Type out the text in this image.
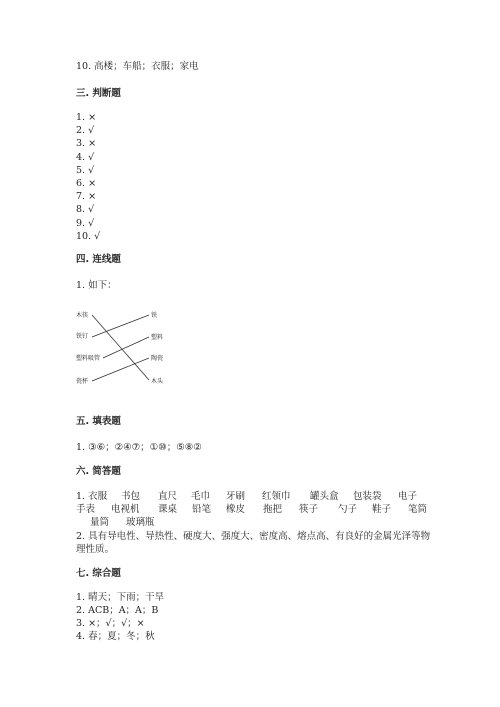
10. 高楼；车船；衣服；家电
三. 判断题
1. ×
2. √
3. ×
4. √
5. √
6. ×
7. ×
8. √
9. √
10. √
四. 连线题
1. 如下：
木筷
铁钉
塑料吸管
瓷杯
铁
塑料
陶瓷
木头
五. 填表题
1. ③⑥；②④⑦；①⑩；⑤⑧②
六. 简答题
1. 衣服 书包 直尺 毛巾 牙刷 红领巾 罐头盒 包装袋 电子
手表 电视机 课桌 铅笔 橡皮 拖把 筷子 勺子 鞋子 笔筒
量筒 玻璃瓶
2. 具有导电性、导热性、硬度大、强度大、密度高、熔点高、有良好的金属光泽等物理性质。
七. 综合题
1. 晴天；下雨；干旱
2. ACB；A；A；B
3. ×；√；√；×
4. 春；夏；冬；秋
